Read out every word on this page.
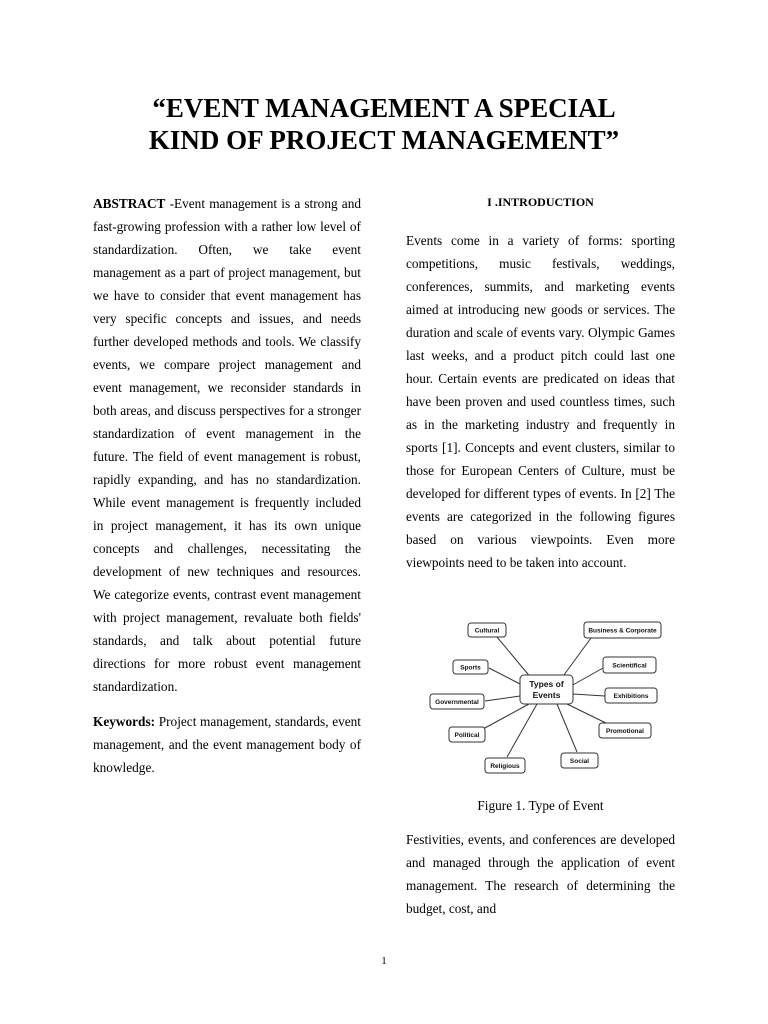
“EVENT MANAGEMENT A SPECIAL
KIND OF PROJECT MANAGEMENT”
ABSTRACT -Event management is a strong and fast-growing profession with a rather low level of standardization. Often, we take event management as a part of project management, but we have to consider that event management has very specific concepts and issues, and needs further developed methods and tools. We classify events, we compare project management and event management, we reconsider standards in both areas, and discuss perspectives for a stronger standardization of event management in the future. The field of event management is robust, rapidly expanding, and has no standardization. While event management is frequently included in project management, it has its own unique concepts and challenges, necessitating the development of new techniques and resources. We categorize events, contrast event management with project management, revaluate both fields' standards, and talk about potential future directions for more robust event management standardization.
Keywords: Project management, standards, event management, and the event management body of knowledge.
I .INTRODUCTION
Events come in a variety of forms: sporting competitions, music festivals, weddings, conferences, summits, and marketing events aimed at introducing new goods or services. The duration and scale of events vary. Olympic Games last weeks, and a product pitch could last one hour. Certain events are predicated on ideas that have been proven and used countless times, such as in the marketing industry and frequently in sports [1]. Concepts and event clusters, similar to those for European Centers of Culture, must be developed for different types of events. In [2] The events are categorized in the following figures based on various viewpoints. Even more viewpoints need to be taken into account.
Types of
Events
Cultural	Business & Corporate
Sports	Scientifical
Governmental
Exhibitions
Political
Promotional
Religious
Social
Figure 1. Type of Event
Festivities, events, and conferences are developed and managed through the application of event management. The research of determining the budget, cost, and
1
